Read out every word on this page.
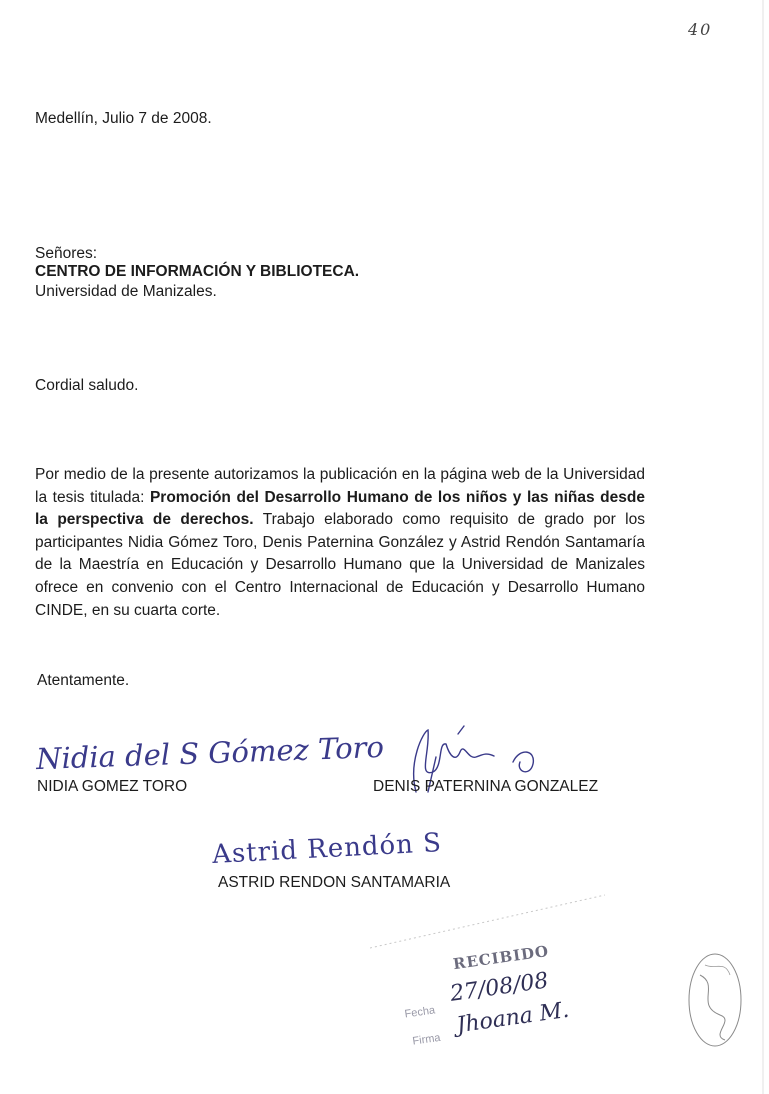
40
Medellín, Julio 7 de 2008.
Señores:
CENTRO DE INFORMACIÓN Y BIBLIOTECA.
Universidad de Manizales.
Cordial saludo.
Por medio de la presente autorizamos la publicación en la página web de la Universidad la tesis titulada: Promoción del Desarrollo Humano de los niños y las niñas desde la perspectiva de derechos. Trabajo elaborado como requisito de grado por los participantes Nidia Gómez Toro, Denis Paternina González y Astrid Rendón Santamaría de la Maestría en Educación y Desarrollo Humano que la Universidad de Manizales ofrece en convenio con el Centro Internacional de Educación y Desarrollo Humano CINDE, en su cuarta corte.
Atentamente.
Nidia del S Gómez Toro
NIDIA GOMEZ TORO	DENIS PATERNINA GONZALEZ
Astrid Rendón S
ASTRID RENDON SANTAMARIA
RECIBIDO
Fecha
27/08/08
Firma
Jhoana M.
